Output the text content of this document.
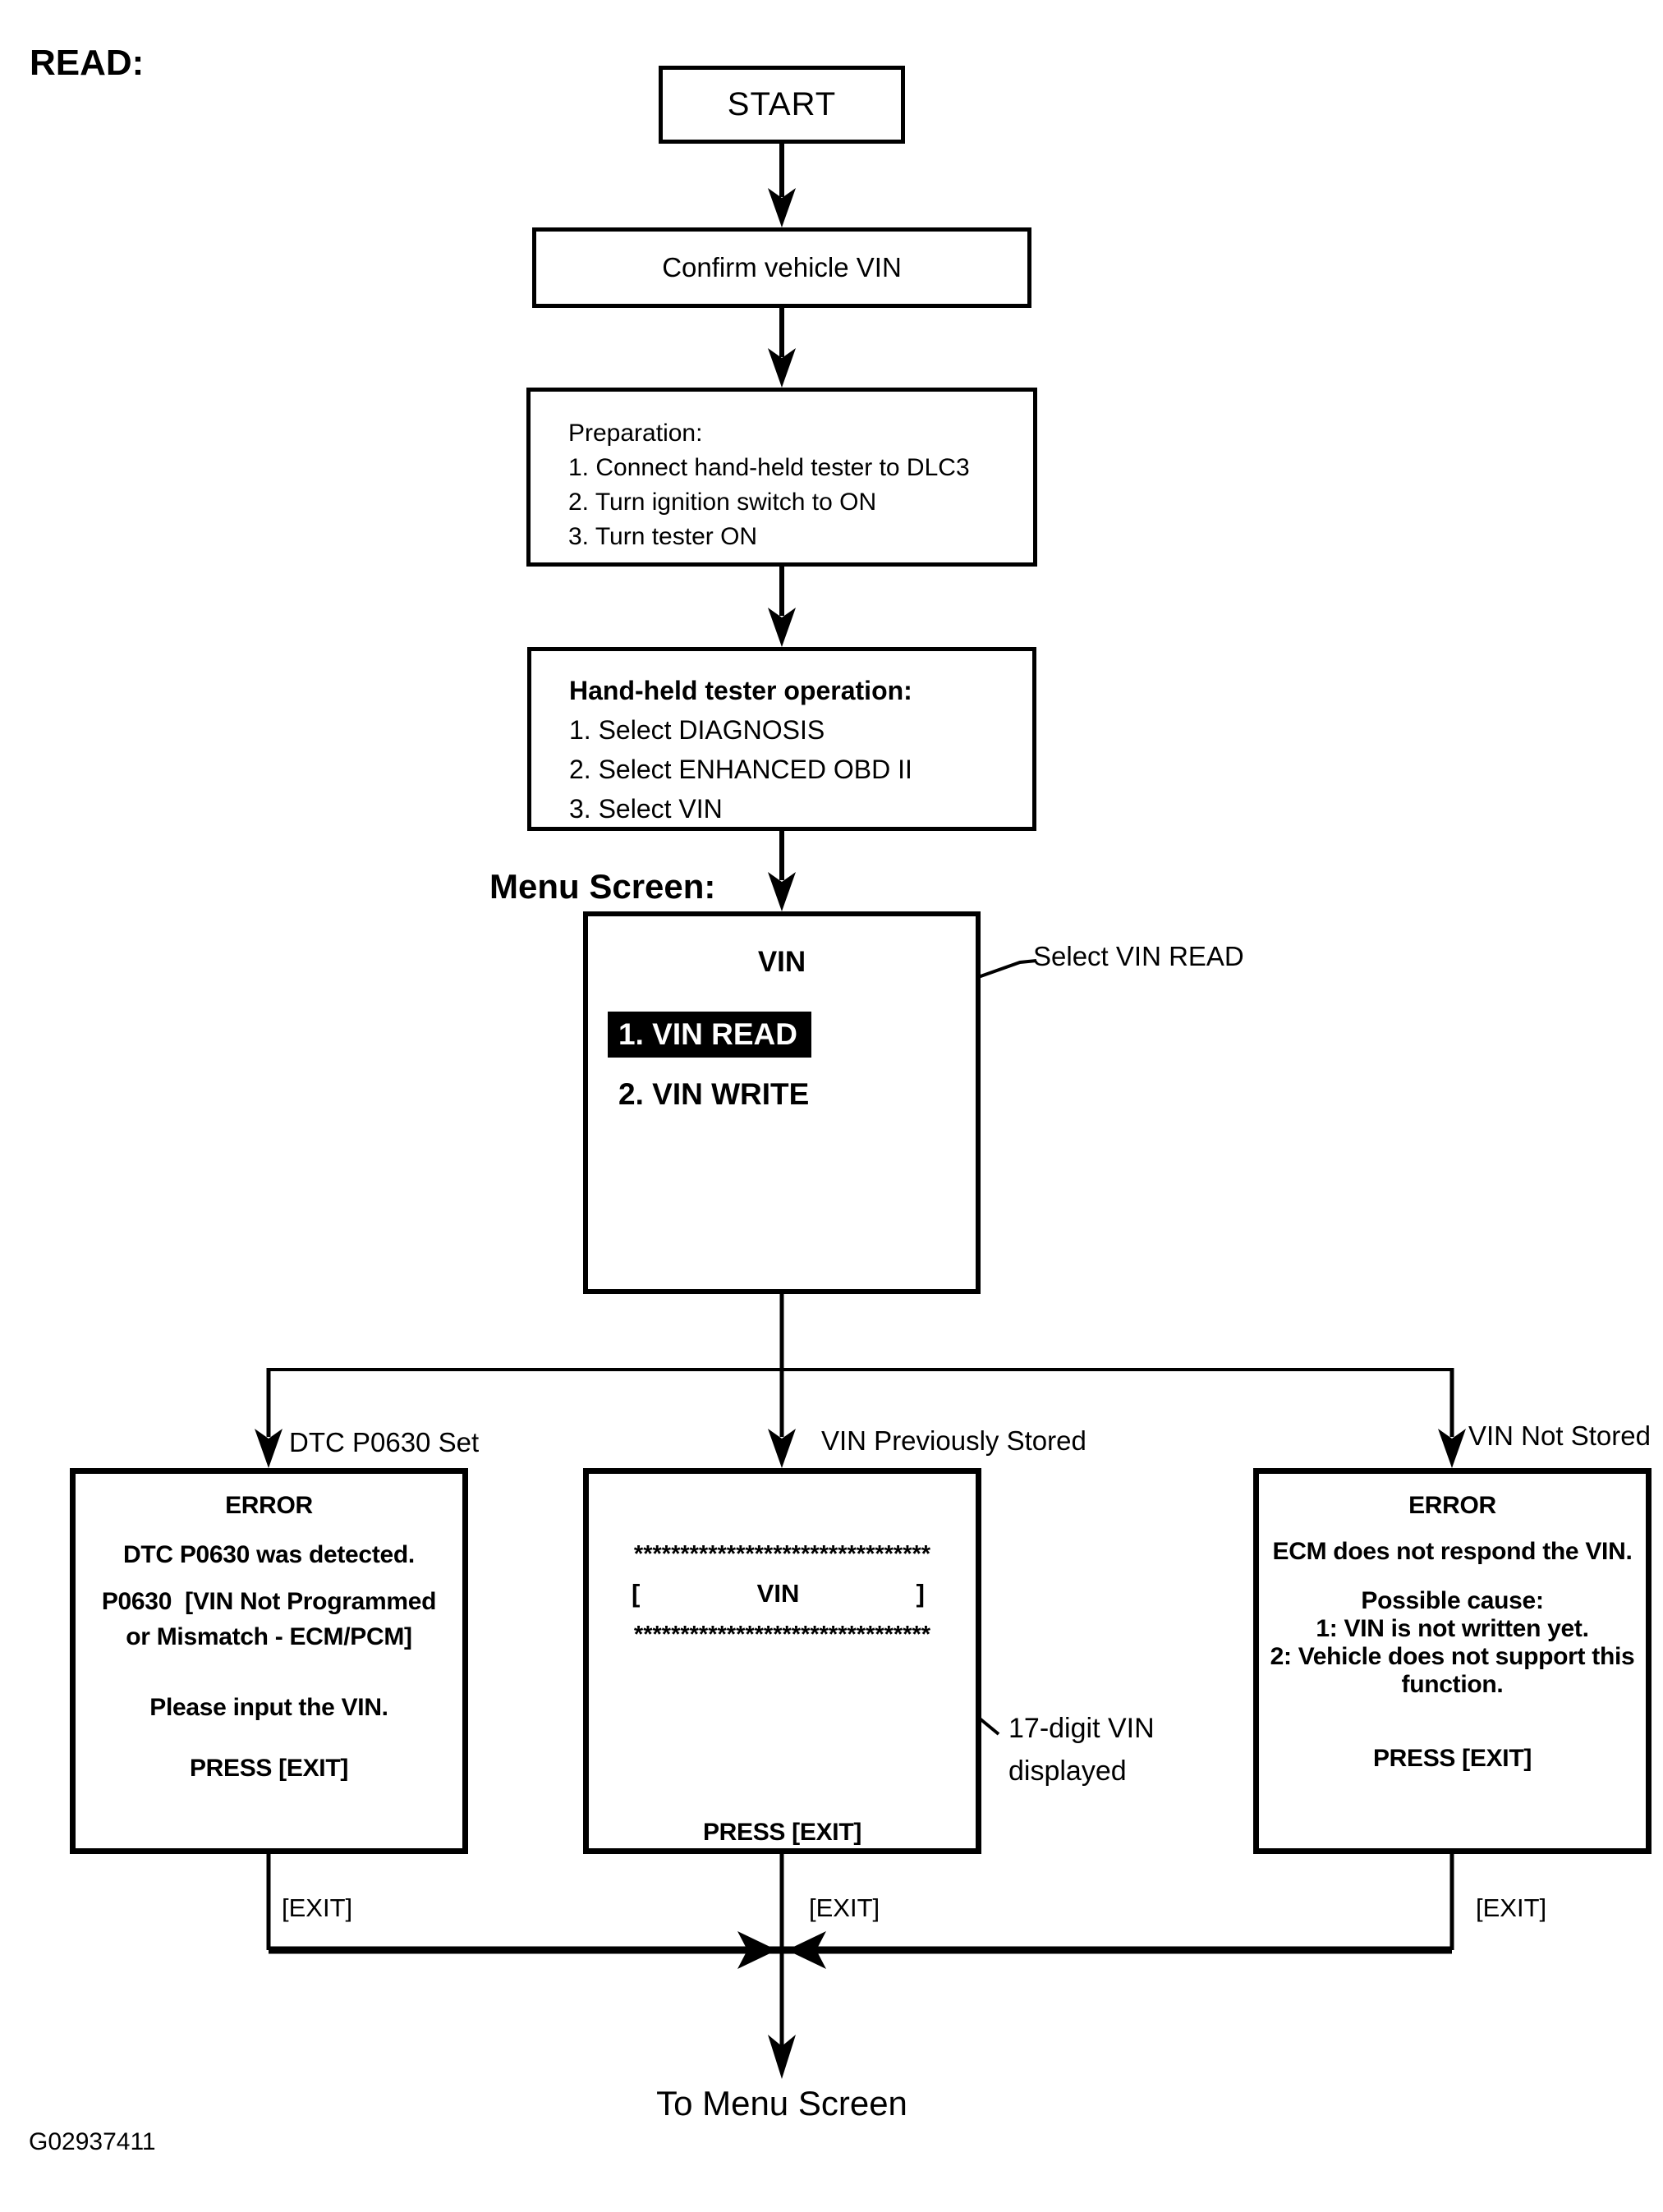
READ:
START
Confirm vehicle VIN
Preparation:
1. Connect hand-held tester to DLC3
2. Turn ignition switch to ON
3. Turn tester ON
Hand-held tester operation:
1. Select DIAGNOSIS
2. Select ENHANCED OBD II
3. Select VIN
Menu Screen:
VIN
1. VIN READ
2. VIN WRITE
Select VIN READ
DTC P0630 Set	VIN Previously Stored	VIN Not Stored
ERROR
DTC P0630 was detected.
P0630  [VIN Not Programmed
or Mismatch - ECM/PCM]
Please input the VIN.
PRESS [EXIT]
********************************
[	VIN	]
********************************
PRESS [EXIT]
ERROR
ECM does not respond the VIN.
Possible cause:
1: VIN is not written yet.
2: Vehicle does not support this
function.
PRESS [EXIT]
17-digit VIN
displayed
[EXIT]	[EXIT]	[EXIT]
To Menu Screen
G02937411
